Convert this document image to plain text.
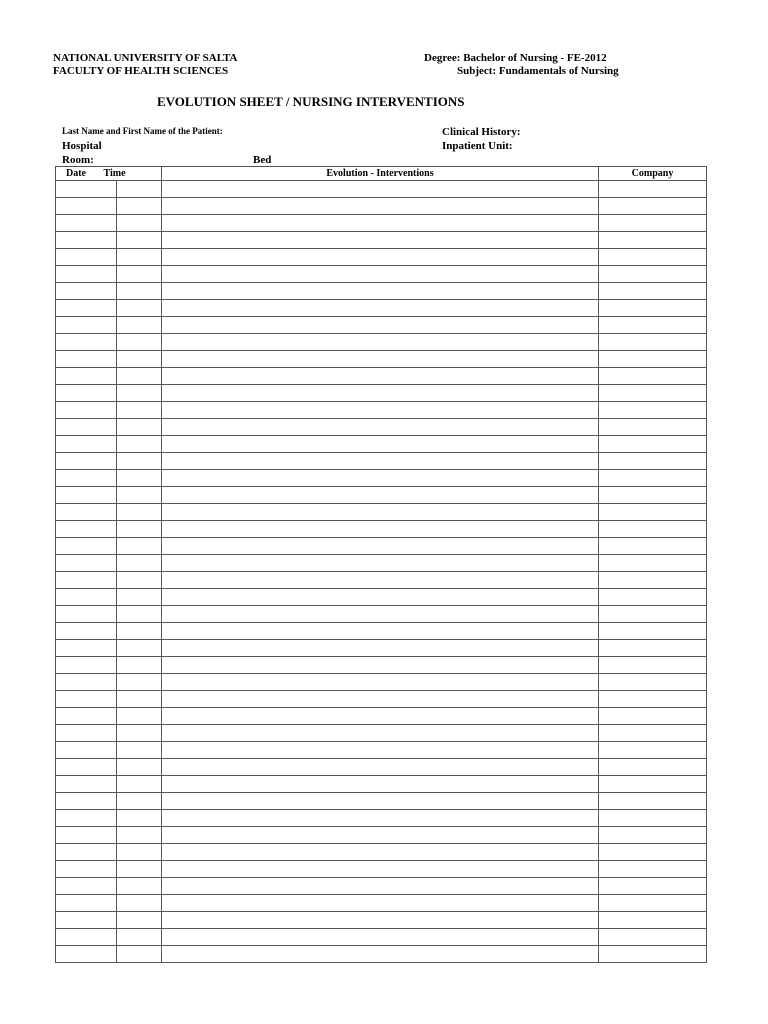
NATIONAL UNIVERSITY OF SALTA
FACULTY OF HEALTH SCIENCES
Degree: Bachelor of Nursing - FE-2012
Subject: Fundamentals of Nursing
EVOLUTION SHEET / NURSING INTERVENTIONS
Last Name and First Name of the Patient:	Clinical History:
Hospital	Inpatient Unit:
Room:	Bed
Date Time		Evolution - Interventions	Company
